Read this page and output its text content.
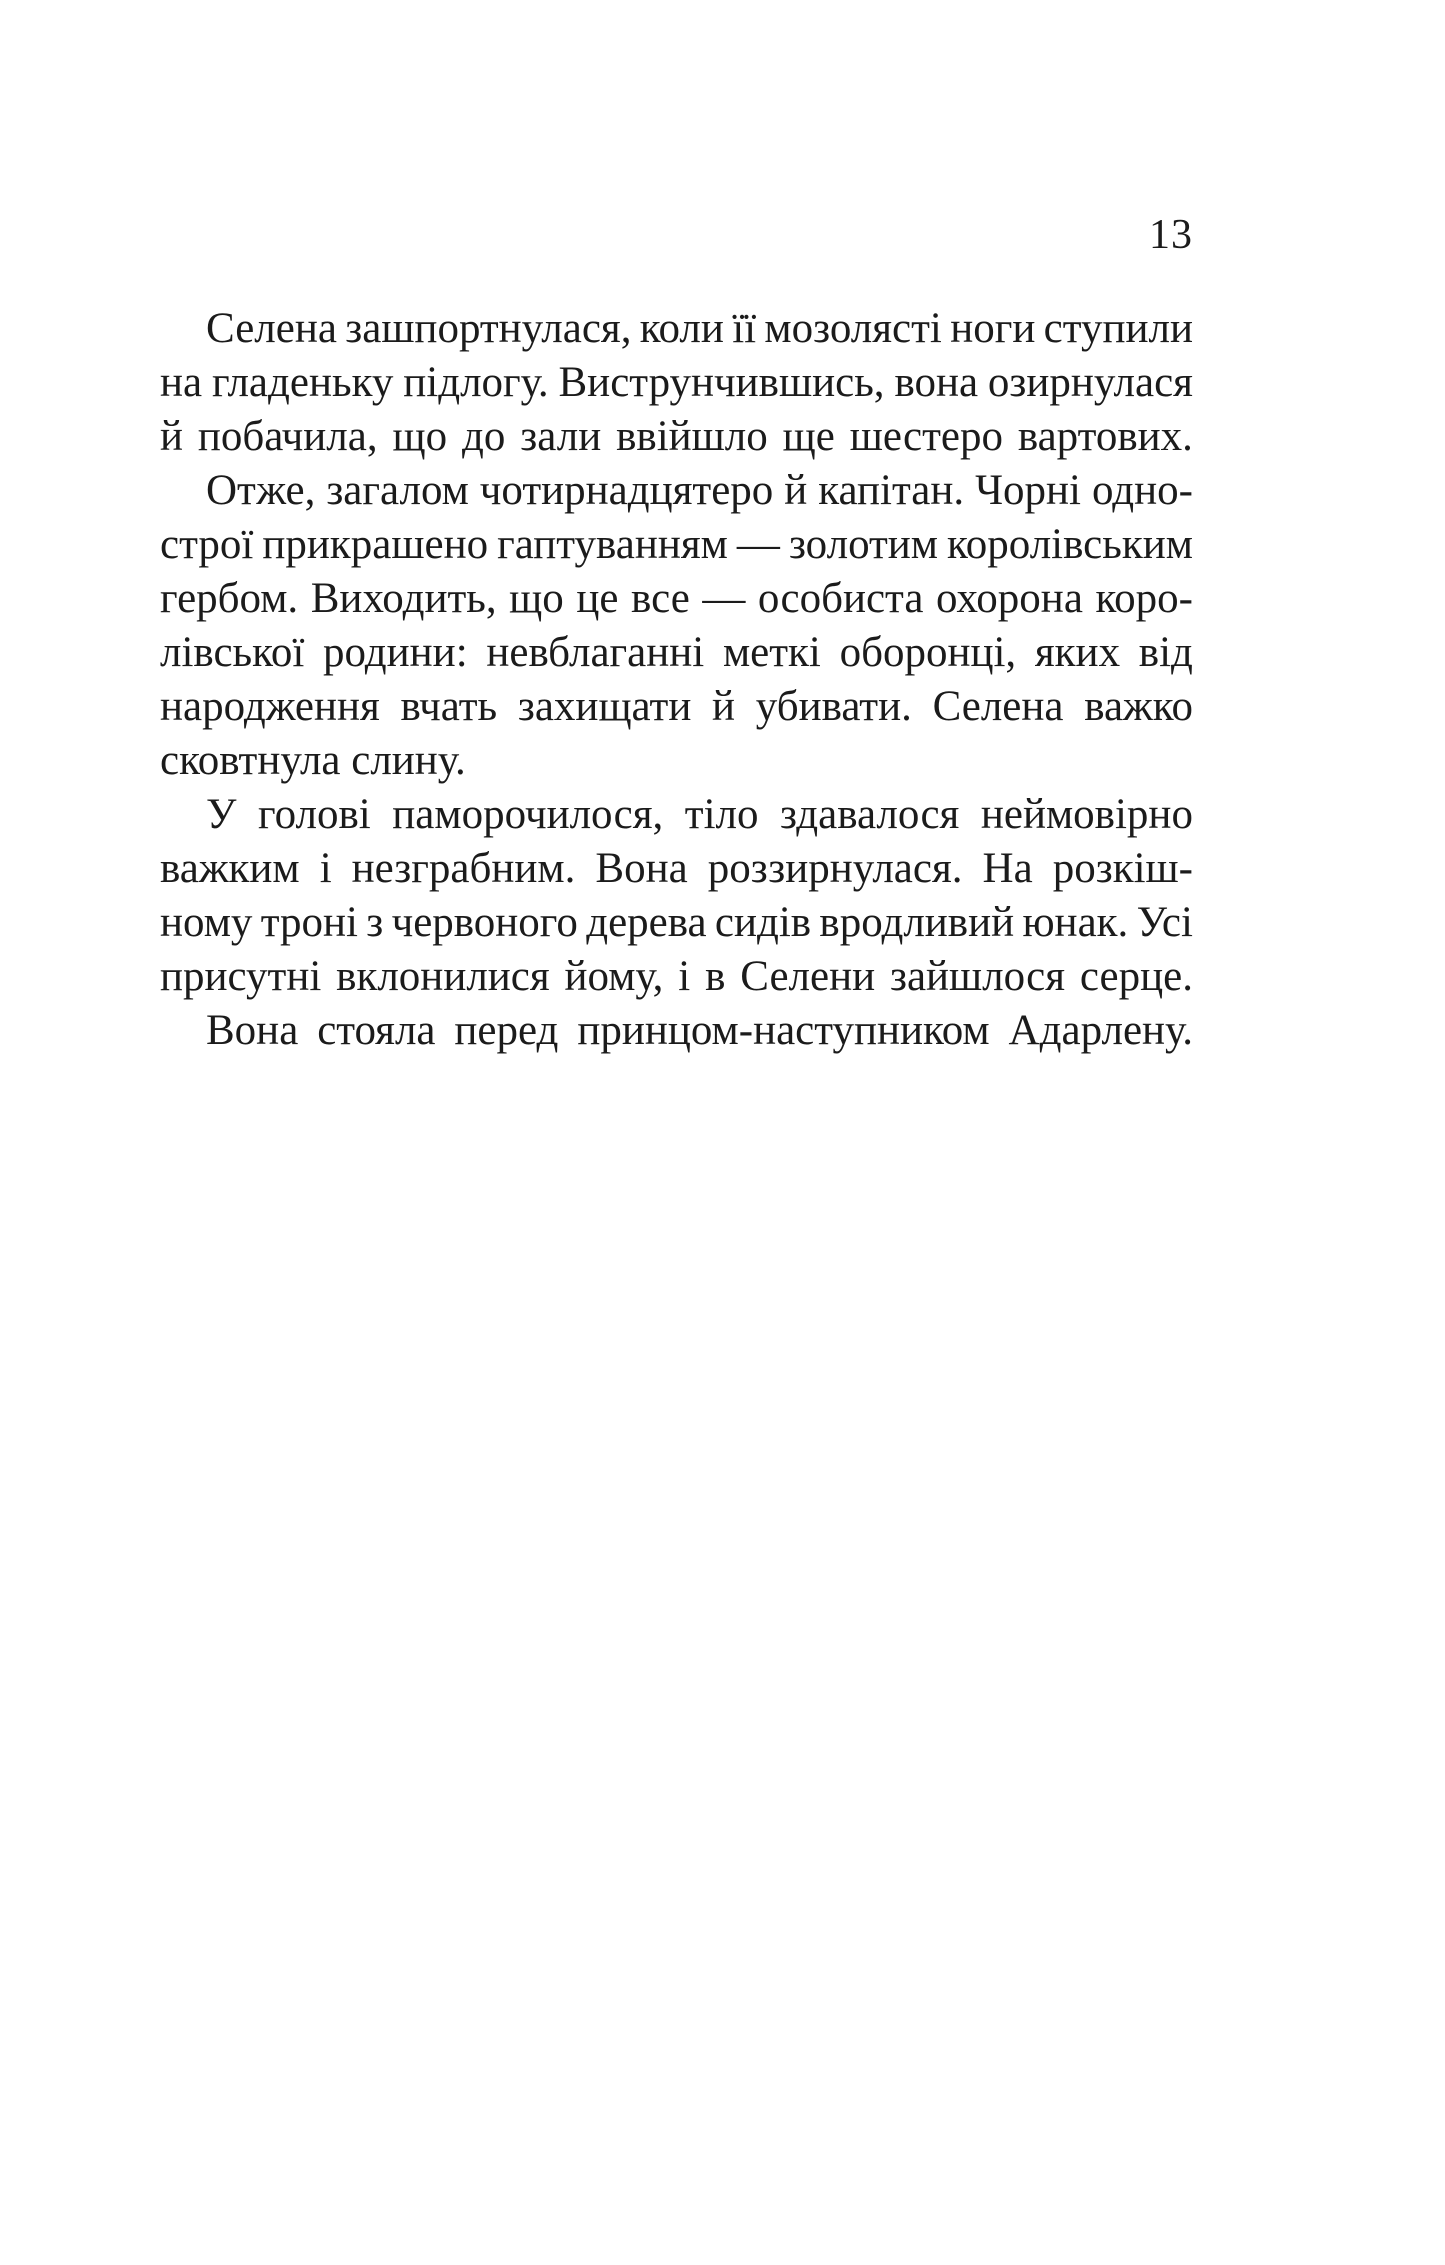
13
Селена зашпортнулася, коли її мозолясті ноги ступили
на гладеньку підлогу. Виструнчившись, вона озирнулася
й побачила, що до зали ввійшло ще шестеро вартових.
Отже, загалом чотирнадцятеро й капітан. Чорні одно-
строї прикрашено гаптуванням — золотим королівським
гербом. Виходить, що це все — особиста охорона коро-
лівської родини: невблаганні меткі оборонці, яких від
народження вчать захищати й убивати. Селена важко
сковтнула слину.
У голові паморочилося, тіло здавалося неймовірно
важким і незграбним. Вона роззирнулася. На розкіш-
ному троні з червоного дерева сидів вродливий юнак. Усі
присутні вклонилися йому, і в Селени зайшлося серце.
Вона стояла перед принцом-наступником Адарлену.
